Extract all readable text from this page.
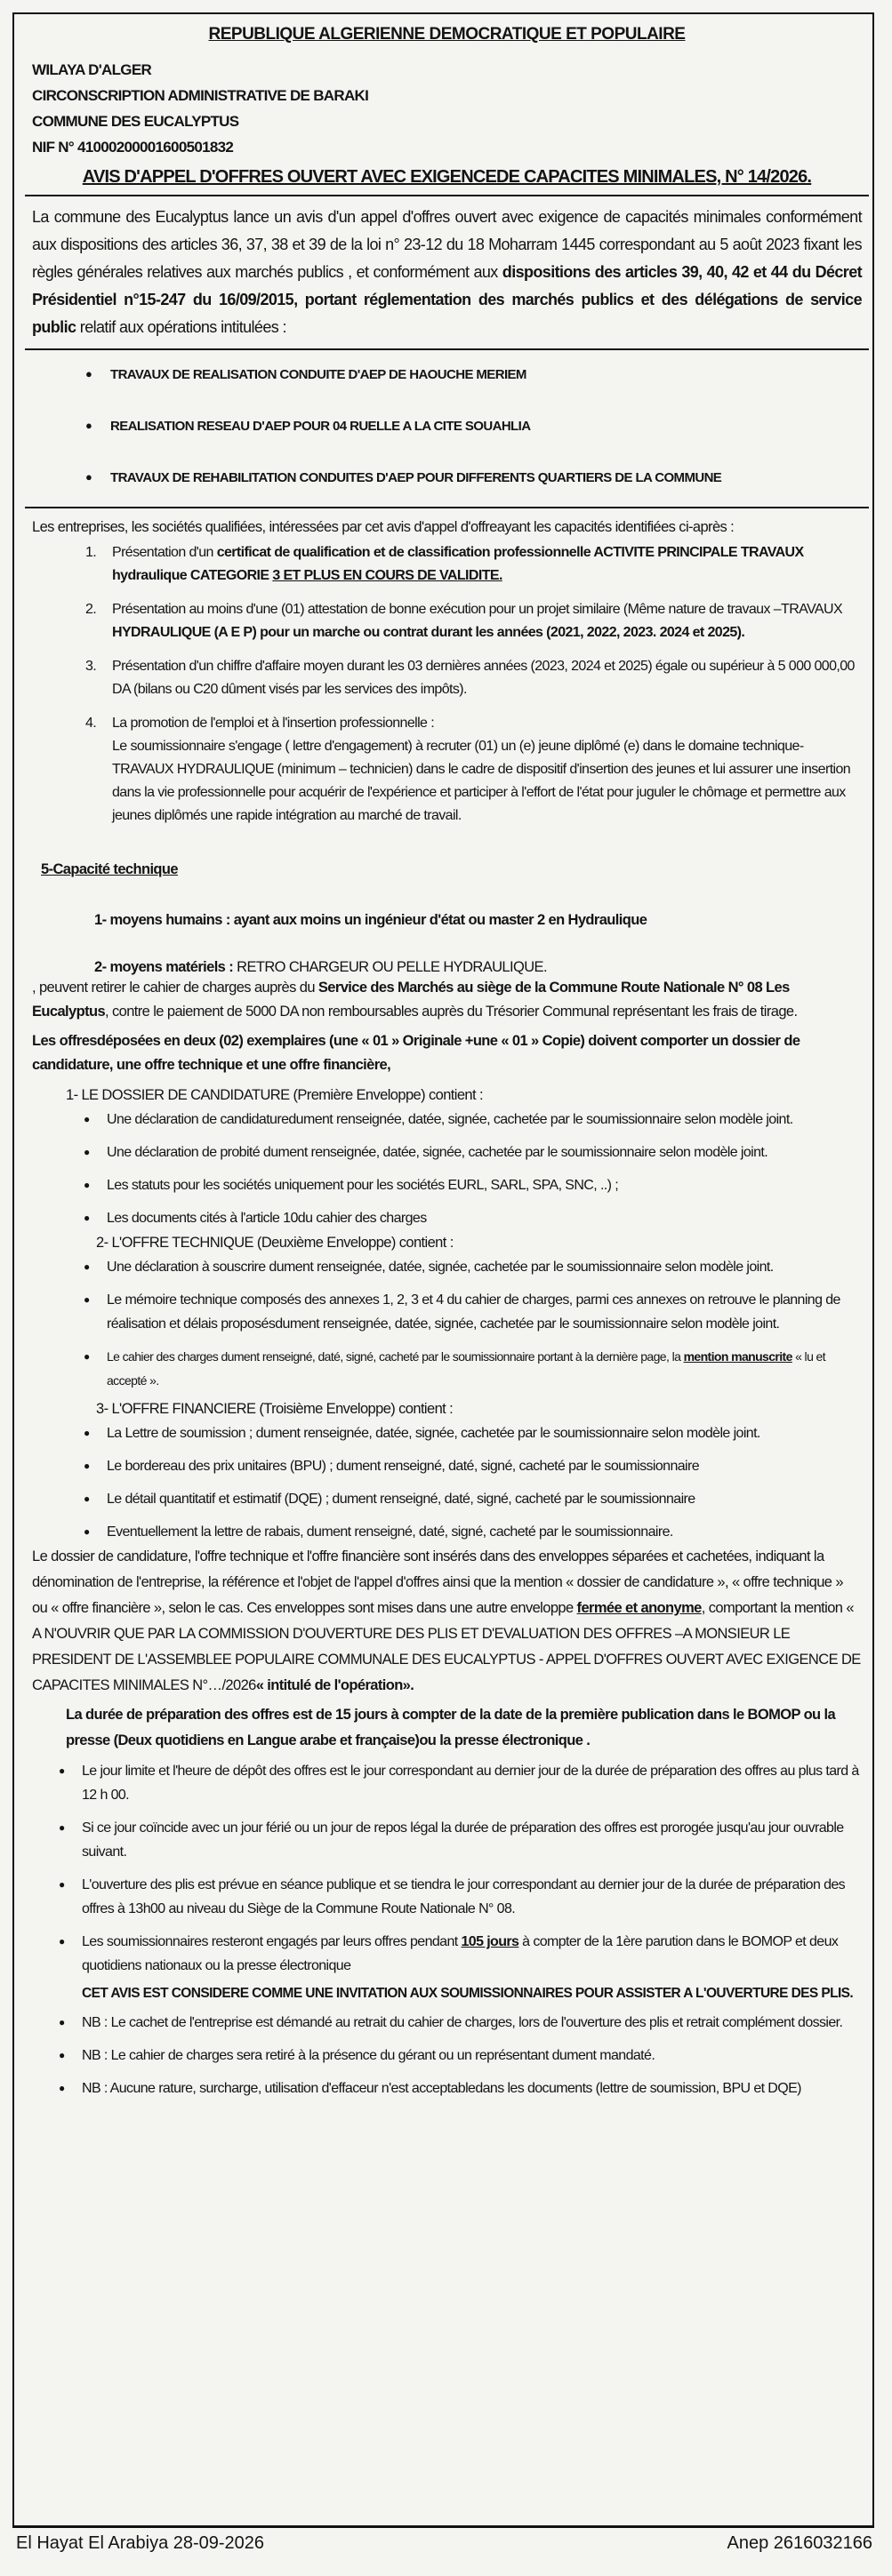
REPUBLIQUE ALGERIENNE DEMOCRATIQUE ET POPULAIRE
WILAYA D'ALGER
CIRCONSCRIPTION ADMINISTRATIVE DE BARAKI
COMMUNE DES EUCALYPTUS
NIF N° 410002000016005018​32
AVIS D'APPEL D'OFFRES OUVERT AVEC EXIGENCEDE CAPACITES MINIMALES, N° 14/2026.
La commune des Eucalyptus lance un avis d'un appel d'offres ouvert avec exigence de capacités minimales conformément aux dispositions des articles 36, 37, 38 et 39 de la loi n° 23-12 du 18 Moharram 1445 correspondant au 5 août 2023 fixant les règles générales relatives aux marchés publics , et conformément aux dispositions des articles 39, 40, 42 et 44 du Décret Présidentiel n°15-247 du 16/09/2015, portant réglementation des marchés publics et des délégations de service public relatif aux opérations intitulées :
● TRAVAUX DE REALISATION CONDUITE D'AEP DE HAOUCHE MERIEM
● REALISATION RESEAU D'AEP POUR 04 RUELLE A LA CITE SOUAHLIA
● TRAVAUX DE REHABILITATION CONDUITES D'AEP POUR DIFFERENTS QUARTIERS DE LA COMMUNE
Les entreprises, les sociétés qualifiées, intéressées par cet avis d'appel d'offreayant les capacités identifiées ci-après :
1. Présentation d'un certificat de qualification et de classification professionnelle ACTIVITE PRINCIPALE TRAVAUX hydraulique CATEGORIE 3 ET PLUS EN COURS DE VALIDITE.
2. Présentation au moins d'une (01) attestation de bonne exécution pour un projet similaire (Même nature de travaux –TRAVAUX HYDRAULIQUE (A E P) pour un marche ou contrat durant les années (2021, 2022, 2023. 2024 et 2025).
3. Présentation d'un chiffre d'affaire moyen durant les 03 dernières années (2023, 2024 et 2025) égale ou supérieur à 5 000 000,00 DA (bilans ou C20 dûment visés par les services des impôts).
4. La promotion de l'emploi et à l'insertion professionnelle :
Le soumissionnaire s'engage ( lettre d'engagement) à recruter (01) un (e) jeune diplômé (e) dans le domaine technique- TRAVAUX HYDRAULIQUE (minimum – technicien) dans le cadre de dispositif d'insertion des jeunes et lui assurer une insertion dans la vie professionnelle pour acquérir de l'expérience et participer à l'effort de l'état pour juguler le chômage et permettre aux jeunes diplômés une rapide intégration au marché de travail.
5-Capacité technique
1- moyens humains : ayant aux moins un ingénieur d'état ou master 2 en Hydraulique
2- moyens matériels : RETRO CHARGEUR OU PELLE HYDRAULIQUE.
, peuvent retirer le cahier de charges auprès du Service des Marchés au siège de la Commune Route Nationale N° 08 Les Eucalyptus, contre le paiement de 5000 DA non remboursables auprès du Trésorier Communal représentant les frais de tirage.
Les offresdéposées en deux (02) exemplaires (une « 01 » Originale +une « 01 » Copie) doivent comporter un dossier de candidature, une offre technique et une offre financière,
1- LE DOSSIER DE CANDIDATURE (Première Enveloppe) contient :
● Une déclaration de candidaturedument renseignée, datée, signée, cachetée par le soumissionnaire selon modèle joint.
● Une déclaration de probité dument renseignée, datée, signée, cachetée par le soumissionnaire selon modèle joint.
● Les statuts pour les sociétés uniquement pour les sociétés EURL, SARL, SPA, SNC, ..) ;
● Les documents cités à l'article 10du cahier des charges
2- L'OFFRE TECHNIQUE (Deuxième Enveloppe) contient :
● Une déclaration à souscrire dument renseignée, datée, signée, cachetée par le soumissionnaire selon modèle joint.
● Le mémoire technique composés des annexes 1, 2, 3 et 4 du cahier de charges, parmi ces annexes on retrouve le planning de réalisation et délais proposésdument renseignée, datée, signée, cachetée par le soumissionnaire selon modèle joint.
● Le cahier des charges dument renseigné, daté, signé, cacheté par le soumissionnaire portant à la dernière page, la mention manuscrite « lu et accepté ».
3- L'OFFRE FINANCIERE (Troisième Enveloppe) contient :
● La Lettre de soumission ; dument renseignée, datée, signée, cachetée par le soumissionnaire selon modèle joint.
● Le bordereau des prix unitaires (BPU) ; dument renseigné, daté, signé, cacheté par le soumissionnaire
● Le détail quantitatif et estimatif (DQE) ; dument renseigné, daté, signé, cacheté par le soumissionnaire
● Eventuellement la lettre de rabais, dument renseigné, daté, signé, cacheté par le soumissionnaire.
Le dossier de candidature, l'offre technique et l'offre financière sont insérés dans des enveloppes séparées et cachetées, indiquant la dénomination de l'entreprise, la référence et l'objet de l'appel d'offres ainsi que la mention « dossier de candidature », « offre technique » ou « offre financière », selon le cas. Ces enveloppes sont mises dans une autre enveloppe fermée et anonyme, comportant la mention « A N'OUVRIR QUE PAR LA COMMISSION D'OUVERTURE DES PLIS ET D'EVALUATION DES OFFRES –A MONSIEUR LE PRESIDENT DE L'ASSEMBLEE POPULAIRE COMMUNALE DES EUCALYPTUS - APPEL D'OFFRES OUVERT AVEC EXIGENCE DE CAPACITES MINIMALES N°…/2026« intitulé de l'opération».
La durée de préparation des offres est de 15 jours à compter de la date de la première publication dans le BOMOP ou la presse (Deux quotidiens en Langue arabe et française)ou la presse électronique .
● Le jour limite et l'heure de dépôt des offres est le jour correspondant au dernier jour de la durée de préparation des offres au plus tard à 12 h 00.
● Si ce jour coïncide avec un jour férié ou un jour de repos légal la durée de préparation des offres est prorogée jusqu'au jour ouvrable suivant.
● L'ouverture des plis est prévue en séance publique et se tiendra le jour correspondant au dernier jour de la durée de préparation des offres à 13h00 au niveau du Siège de la Commune Route Nationale N° 08.
● Les soumissionnaires resteront engagés par leurs offres pendant 105 jours à compter de la 1ère parution dans le BOMOP et deux quotidiens nationaux ou la presse électronique
CET AVIS EST CONSIDERE COMME UNE INVITATION AUX SOUMISSIONNAIRES POUR ASSISTER A L'OUVERTURE DES PLIS.
● NB : Le cachet de l'entreprise est démandé au retrait du cahier de charges, lors de l'ouverture des plis et retrait complément dossier.
● NB : Le cahier de charges sera retiré à la présence du gérant ou un représentant dument mandaté.
● NB : Aucune rature, surcharge, utilisation d'effaceur n'est acceptabledans les documents (lettre de soumission, BPU et DQE)
El Hayat El Arabiya 28-09-2026	Anep 2616032166
